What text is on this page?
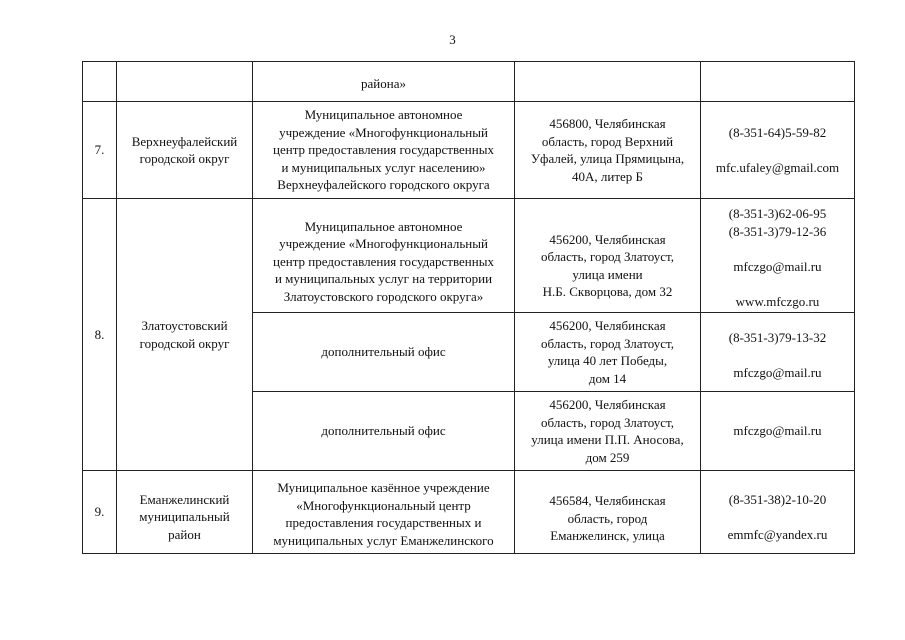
3

		района»		

7.	Верхнеуфалейский
городской округ	Муниципальное автономное
учреждение «Многофункциональный
центр предоставления государственных
и муниципальных услуг населению»
Верхнеуфалейского городского округа	456800, Челябинская
область, город Верхний
Уфалей, улица Прямицына,
40А, литер Б	(8-351-64)5-59-82
mfc.ufaley@gmail.com

8.	Златоустовский
городской округ	Муниципальное автономное
учреждение «Многофункциональный
центр предоставления государственных
и муниципальных услуг на территории
Златоустовского городского округа»	456200, Челябинская
область, город Златоуст,
улица имени
Н.Б. Скворцова, дом 32	(8-351-3)62-06-95
(8-351-3)79-12-36
mfczgo@mail.ru
www.mfczgo.ru

		дополнительный офис	456200, Челябинская
область, город Златоуст,
улица 40 лет Победы,
дом 14	(8-351-3)79-13-32
mfczgo@mail.ru

		дополнительный офис	456200, Челябинская
область, город Златоуст,
улица имени П.П. Аносова,
дом 259	mfczgo@mail.ru

9.	Еманжелинский
муниципальный
район	Муниципальное казённое учреждение
«Многофункциональный центр
предоставления государственных и
муниципальных услуг Еманжелинского	456584, Челябинская
область, город
Еманжелинск, улица	(8-351-38)2-10-20
emmfc@yandex.ru
